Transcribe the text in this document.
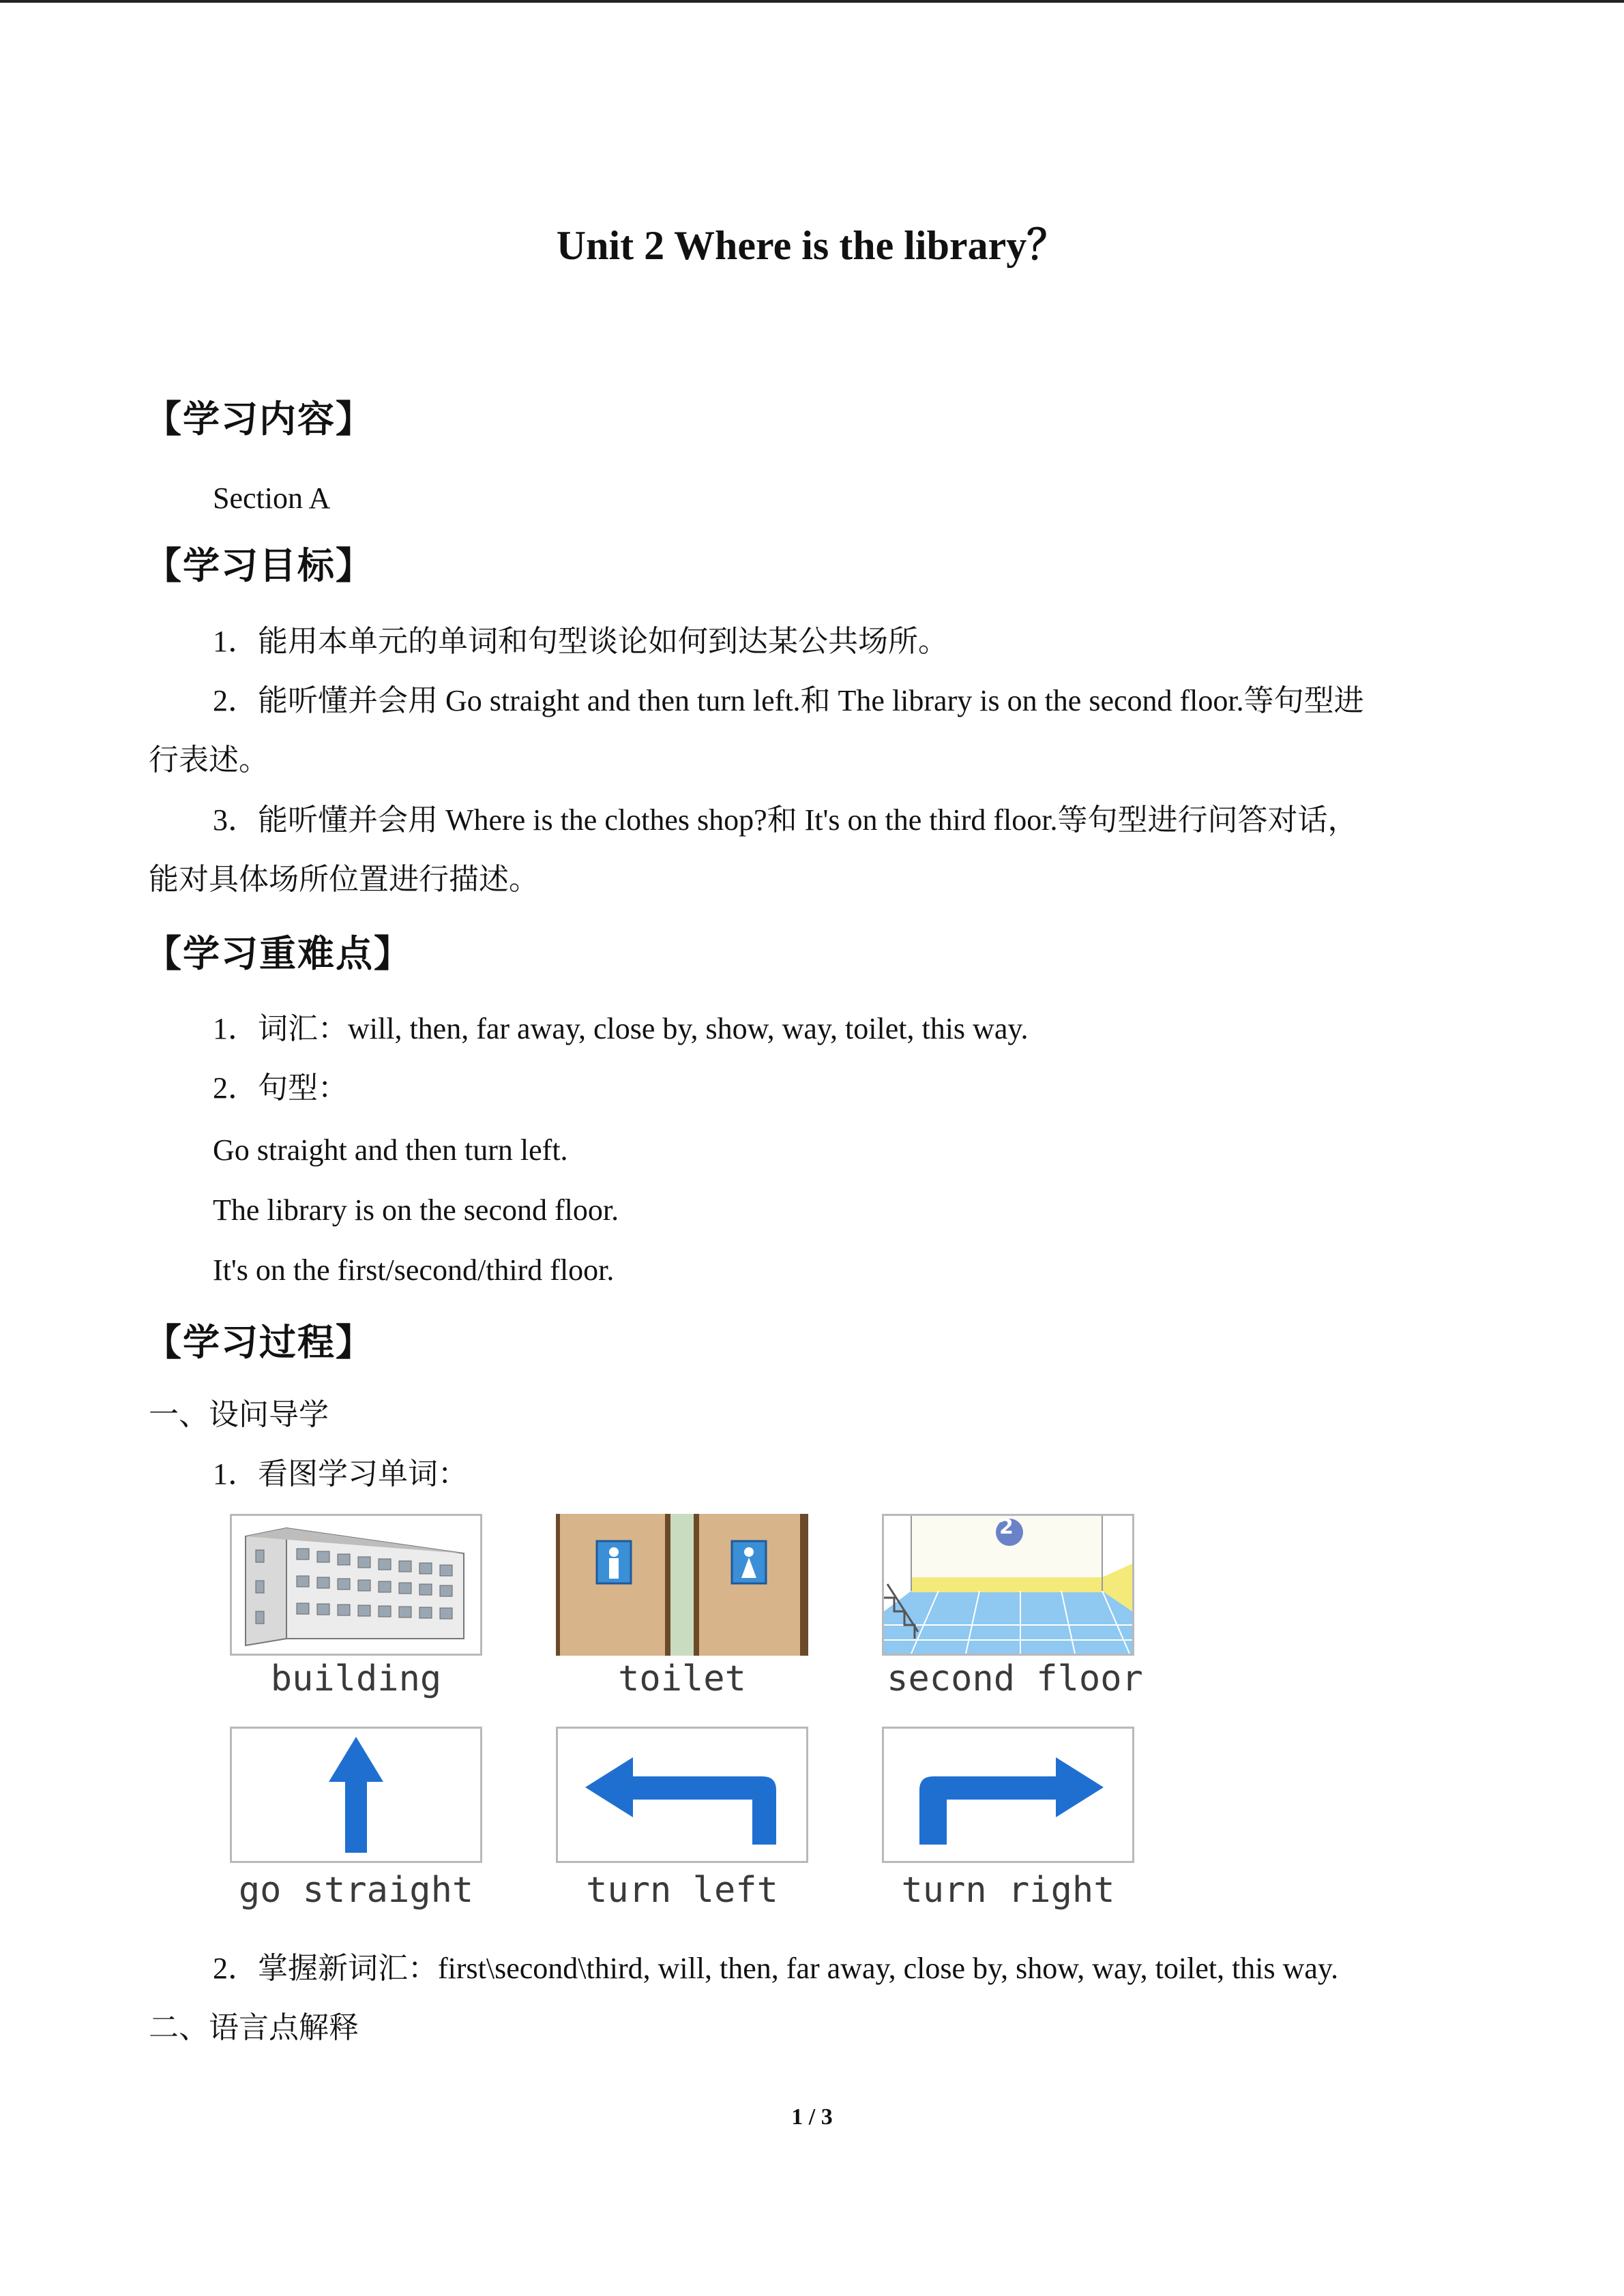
Unit 2 Where is the library？
【学习内容】
Section A
【学习目标】
1．能用本单元的单词和句型谈论如何到达某公共场所。
2．能听懂并会用 Go straight and then turn left.和 The library is on the second floor.等句型进
行表述。
3．能听懂并会用 Where is the clothes shop?和 It's on the third floor.等句型进行问答对话，
能对具体场所位置进行描述。
【学习重难点】
1．词汇：will, then, far away, close by, show, way, toilet, this way.
2．句型：
Go straight and then turn left.
The library is on the second floor.
It's on the first/second/third floor.
【学习过程】
一、设问导学
1．看图学习单词：
building	toilet
2
second floor
go straight	turn left	turn right
2．掌握新词汇：first\second\third, will, then, far away, close by, show, way, toilet, this way.
二、语言点解释
1 / 3
